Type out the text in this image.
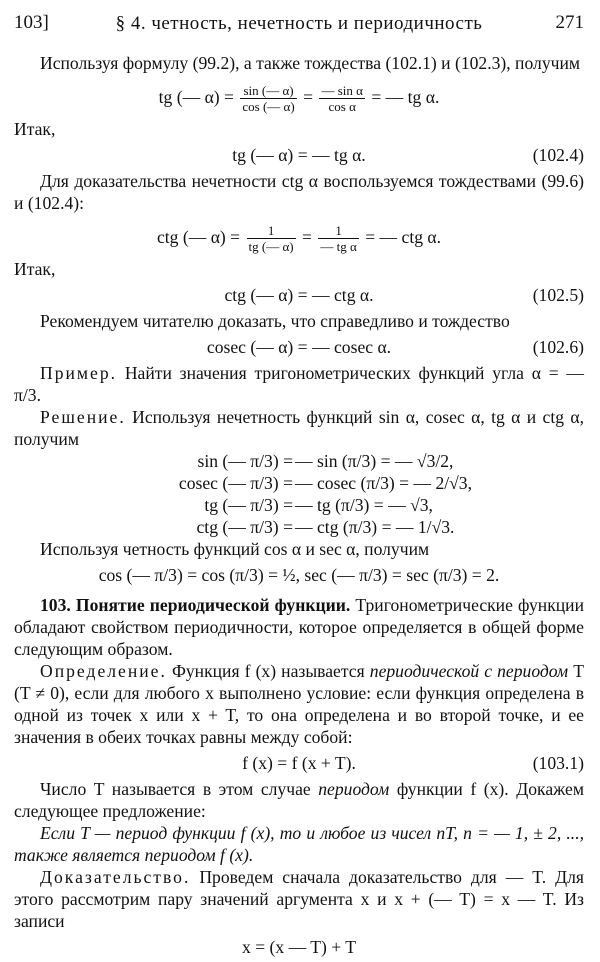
103]	§ 4. четность, нечетность и периодичность	271

Используя формулу (99.2), а также тождества (102.1) и (102.3), получим

tg (— $\alpha) = \frac{\sin (— \alpha)}{\cos (— \alpha)} = \frac{\text{— sin α}}{\text{cos α}}$ = — tg α.

Итак,

tg (— α) = — tg α.	(102.4)

Для доказательства нечетности ctg α воспользуемся тождествами (99.6) и (102.4):

ctg (— $\alpha) = \frac{1}{tg (— \alpha)} = \frac{1}{\text{— tg α}}$ = — ctg α.

Итак,

ctg (— α) = — ctg α.	(102.5)

Рекомендуем читателю доказать, что справедливо и тождество

cosec (— α) = — cosec α.	(102.6)

Пример. Найти значения тригонометрических функций угла α = — π/3.

Решение. Используя нечетность функций sin α, cosec α, tg α и ctg α, получим

sin (— π/3) = — sin (π/3) = — √3/2,
cosec (— π/3) = — cosec (π/3) = — 2/√3,
tg (— π/3) = — tg (π/3) = — √3,
ctg (— π/3) = — ctg (π/3) = — 1/√3.

Используя четность функций cos α и sec α, получим

cos (— π/3) = cos (π/3) = ½, sec (— π/3) = sec (π/3) = 2.

103. Понятие периодической функции. Тригонометрические функции обладают свойством периодичности, которое определяется в общей форме следующим образом.

Определение. Функция f (x) называется периодической с периодом T (T ≠ 0), если для любого x выполнено условие: если функция определена в одной из точек x или x + T, то она определена и во второй точке, и ее значения в обеих точках равны между собой:

f (x) = f (x + T).	(103.1)

Число T называется в этом случае периодом функции f (x). Докажем следующее предложение:

Если T — период функции f (x), то и любое из чисел nT, n = — 1, ± 2, ..., также является периодом f (x).

Доказательство. Проведем сначала доказательство для — T. Для этого рассмотрим пару значений аргумента x и x + (— T) = x — T. Из записи

x = (x — T) + T
